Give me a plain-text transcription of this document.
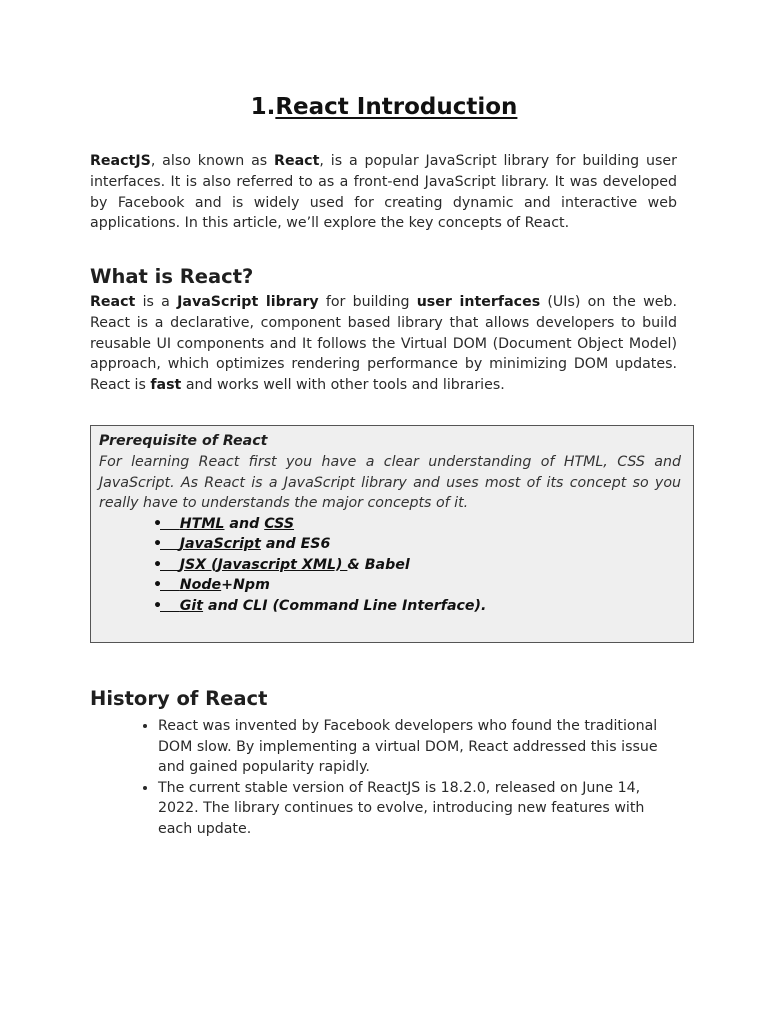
1.React Introduction

ReactJS, also known as React, is a popular JavaScript library for building user interfaces. It is also referred to as a front-end JavaScript library. It was developed by Facebook and is widely used for creating dynamic and interactive web applications. In this article, we’ll explore the key concepts of React.

What is React?

React is a JavaScript library for building user interfaces (UIs) on the web. React is a declarative, component based library that allows developers to build reusable UI components and It follows the Virtual DOM (Document Object Model) approach, which optimizes rendering performance by minimizing DOM updates. React is fast and works well with other tools and libraries.

Prerequisite of React

For learning React first you have a clear understanding of HTML, CSS and JavaScript. As React is a JavaScript library and uses most of its concept so you really have to understands the major concepts of it.

• HTML and CSS
• JavaScript and ES6
• JSX (Javascript XML) & Babel
• Node+Npm
• Git and CLI (Command Line Interface).
History of React
• React was invented by Facebook developers who found the traditional DOM slow. By implementing a virtual DOM, React addressed this issue and gained popularity rapidly.
• The current stable version of ReactJS is 18.2.0, released on June 14, 2022. The library continues to evolve, introducing new features with each update.
